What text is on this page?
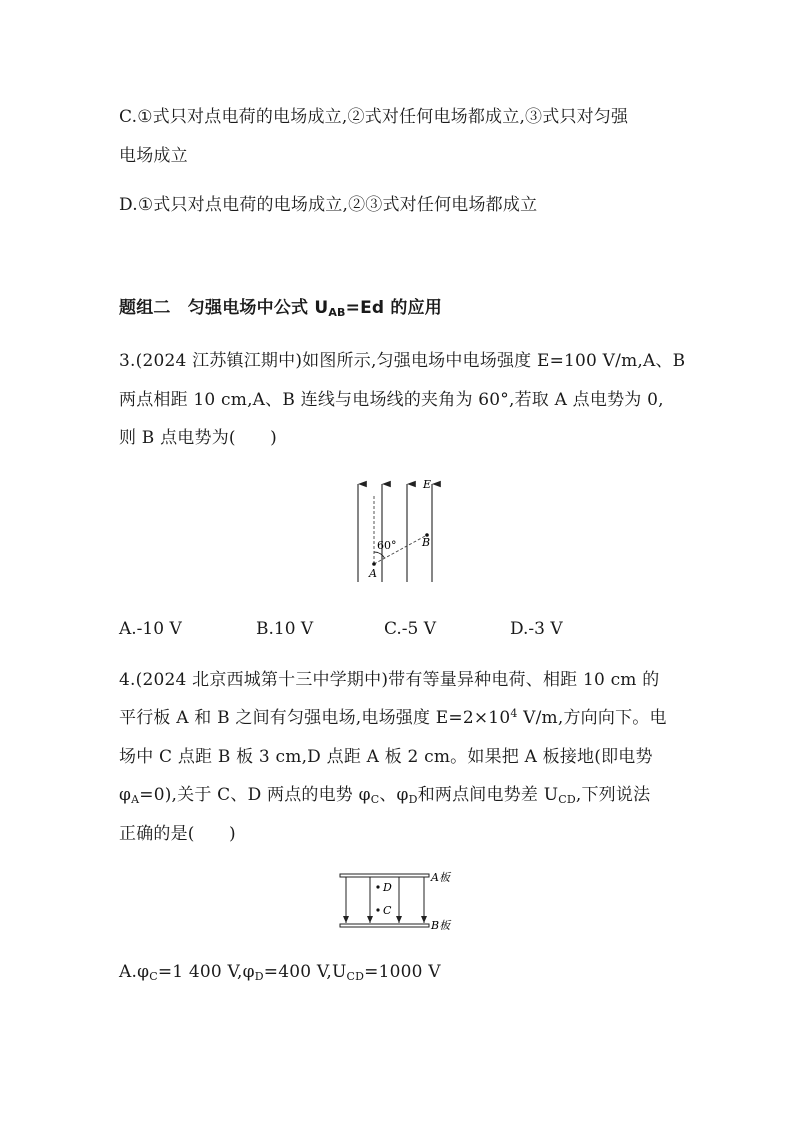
C.①式只对点电荷的电场成立,②式对任何电场都成立,③式只对匀强
电场成立
D.①式只对点电荷的电场成立,②③式对任何电场都成立
题组二　匀强电场中公式 $U_{AB}=Ed$ 的应用
3.(2024 江苏镇江期中)如图所示,匀强电场中电场强度 E=100 V/m,A、B
两点相距 10 cm,A、B 连线与电场线的夹角为 60°,若取 A 点电势为 0,
则 B 点电势为(　　)
E
60° B
A
A.-10 V	B.10 V	C.-5 V	D.-3 V
4.(2024 北京西城第十三中学期中)带有等量异种电荷、相距 10 cm 的
平行板 A 和 B 之间有匀强电场,电场强度 $E=2\times 10^4$ V/m,方向向下。电
场中 C 点距 B 板 3 cm,D 点距 A 板 2 cm。如果把 A 板接地(即电势
$\varphi_A=0$),关于 C、D 两点的电势 $\varphi_C$、$\varphi_D$和两点间电势差 $U_{CD}$,下列说法
正确的是(　　)
D
C
A板
B板
$A.\varphi_C=1$ 400 $V,\varphi_D=400$ $V,U_{CD}=1000$ V
